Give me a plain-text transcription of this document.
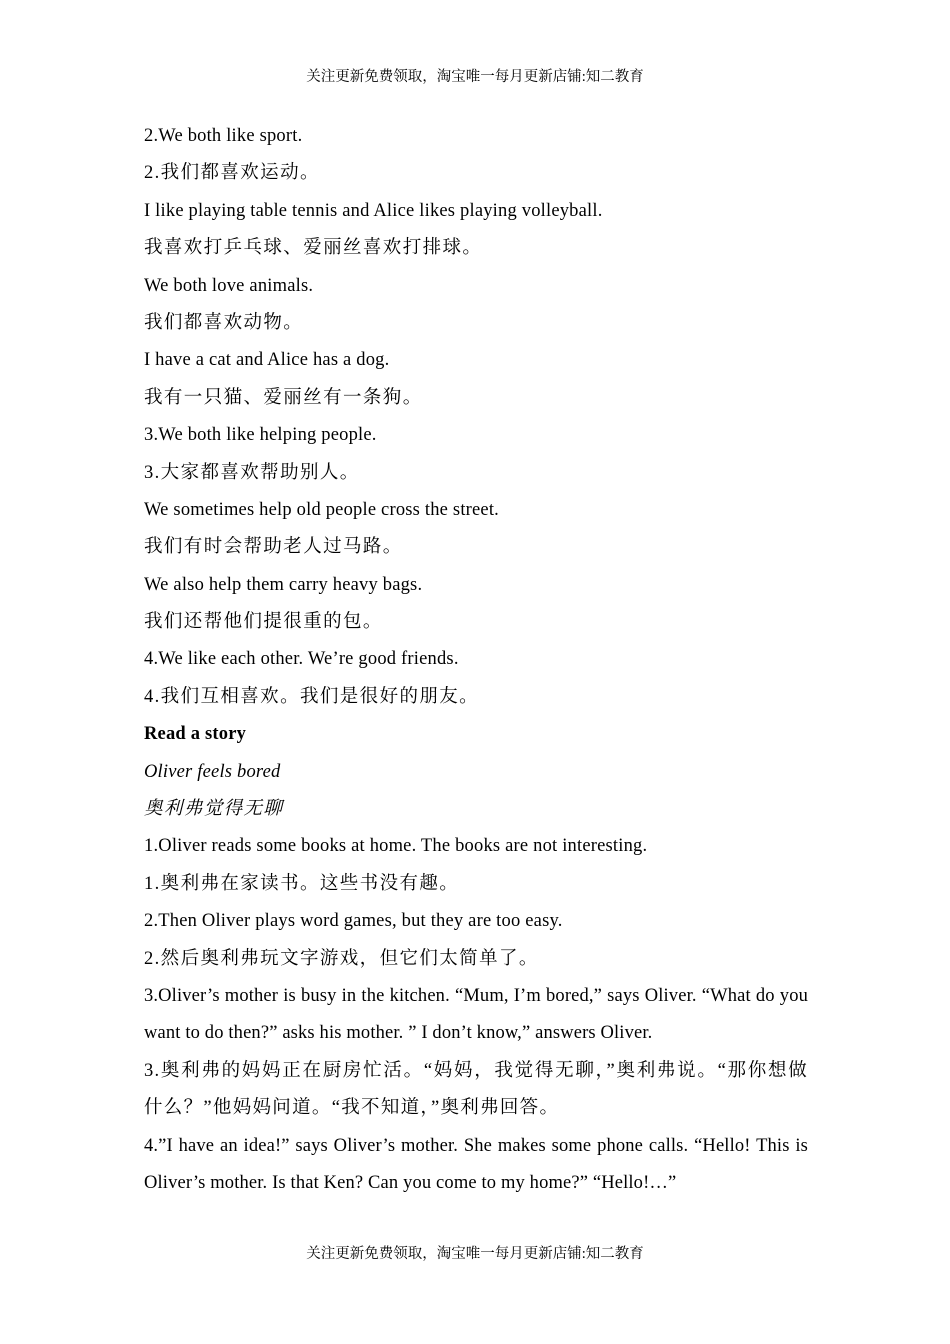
关注更新免费领取，淘宝唯一每月更新店铺:知二教育
2.We both like sport.
2.我们都喜欢运动。
I like playing table tennis and Alice likes playing volleyball.
我喜欢打乒乓球、爱丽丝喜欢打排球。
We both love animals.
我们都喜欢动物。
I have a cat and Alice has a dog.
我有一只猫、爱丽丝有一条狗。
3.We both like helping people.
3.大家都喜欢帮助别人。
We sometimes help old people cross the street.
我们有时会帮助老人过马路。
We also help them carry heavy bags.
我们还帮他们提很重的包。
4.We like each other. We’re good friends.
4.我们互相喜欢。我们是很好的朋友。
Read a story
Oliver feels bored
奥利弗觉得无聊
1.Oliver reads some books at home. The books are not interesting.
1.奥利弗在家读书。这些书没有趣。
2.Then Oliver plays word games, but they are too easy.
2.然后奥利弗玩文字游戏，但它们太简单了。
3.Oliver’s mother is busy in the kitchen. “Mum, I’m bored,” says Oliver. “What do you want to do then?” asks his mother. ” I don’t know,” answers Oliver.
3.奥利弗的妈妈正在厨房忙活。“妈妈，我觉得无聊，”奥利弗说。“那你想做什么？”他妈妈问道。“我不知道，”奥利弗回答。
4.”I have an idea!” says Oliver’s mother. She makes some phone calls. “Hello! This is Oliver’s mother. Is that Ken? Can you come to my home?” “Hello!…”
关注更新免费领取，淘宝唯一每月更新店铺:知二教育
